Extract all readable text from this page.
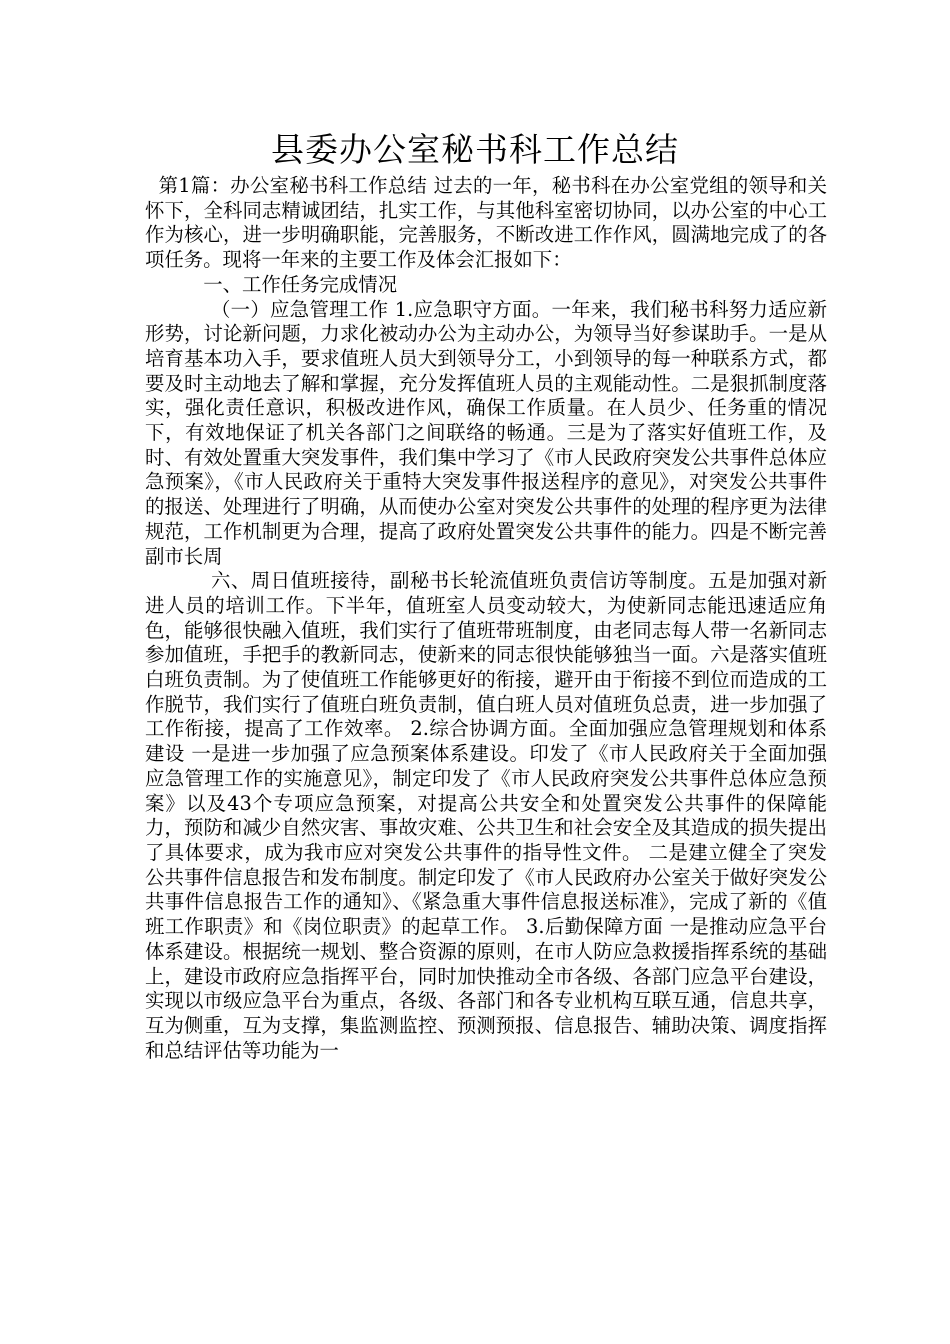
县委办公室秘书科工作总结

第1篇：办公室秘书科工作总结 过去的一年，秘书科在办公室党组的领导和关怀下，全科同志精诚团结，扎实工作，与其他科室密切协同，以办公室的中心工作为核心，进一步明确职能，完善服务，不断改进工作作风，圆满地完成了的各项任务。现将一年来的主要工作及体会汇报如下：

一、工作任务完成情况

（一）应急管理工作 1.应急职守方面。一年来，我们秘书科努力适应新形势，讨论新问题，力求化被动办公为主动办公，为领导当好参谋助手。一是从培育基本功入手，要求值班人员大到领导分工，小到领导的每一种联系方式，都要及时主动地去了解和掌握，充分发挥值班人员的主观能动性。二是狠抓制度落实，强化责任意识，积极改进作风，确保工作质量。在人员少、任务重的情况下，有效地保证了机关各部门之间联络的畅通。三是为了落实好值班工作，及时、有效处置重大突发事件，我们集中学习了《市人民政府突发公共事件总体应急预案》，《市人民政府关于重特大突发事件报送程序的意见》，对突发公共事件的报送、处理进行了明确，从而使办公室对突发公共事件的处理的程序更为法律规范，工作机制更为合理，提高了政府处置突发公共事件的能力。四是不断完善副市长周

六、周日值班接待，副秘书长轮流值班负责信访等制度。五是加强对新进人员的培训工作。下半年，值班室人员变动较大，为使新同志能迅速适应角色，能够很快融入值班，我们实行了值班带班制度，由老同志每人带一名新同志参加值班，手把手的教新同志，使新来的同志很快能够独当一面。六是落实值班白班负责制。为了使值班工作能够更好的衔接，避开由于衔接不到位而造成的工作脱节，我们实行了值班白班负责制，值白班人员对值班负总责，进一步加强了工作衔接，提高了工作效率。 2.综合协调方面。全面加强应急管理规划和体系建设 一是进一步加强了应急预案体系建设。印发了《市人民政府关于全面加强应急管理工作的实施意见》，制定印发了《市人民政府突发公共事件总体应急预案》以及43个专项应急预案，对提高公共安全和处置突发公共事件的保障能力，预防和减少自然灾害、事故灾难、公共卫生和社会安全及其造成的损失提出了具体要求，成为我市应对突发公共事件的指导性文件。 二是建立健全了突发公共事件信息报告和发布制度。制定印发了《市人民政府办公室关于做好突发公共事件信息报告工作的通知》、《紧急重大事件信息报送标准》，完成了新的《值班工作职责》和《岗位职责》的起草工作。 3.后勤保障方面 一是推动应急平台体系建设。根据统一规划、整合资源的原则，在市人防应急救援指挥系统的基础上，建设市政府应急指挥平台，同时加快推动全市各级、各部门应急平台建设，实现以市级应急平台为重点，各级、各部门和各专业机构互联互通，信息共享，互为侧重，互为支撑，集监测监控、预测预报、信息报告、辅助决策、调度指挥和总结评估等功能为一
